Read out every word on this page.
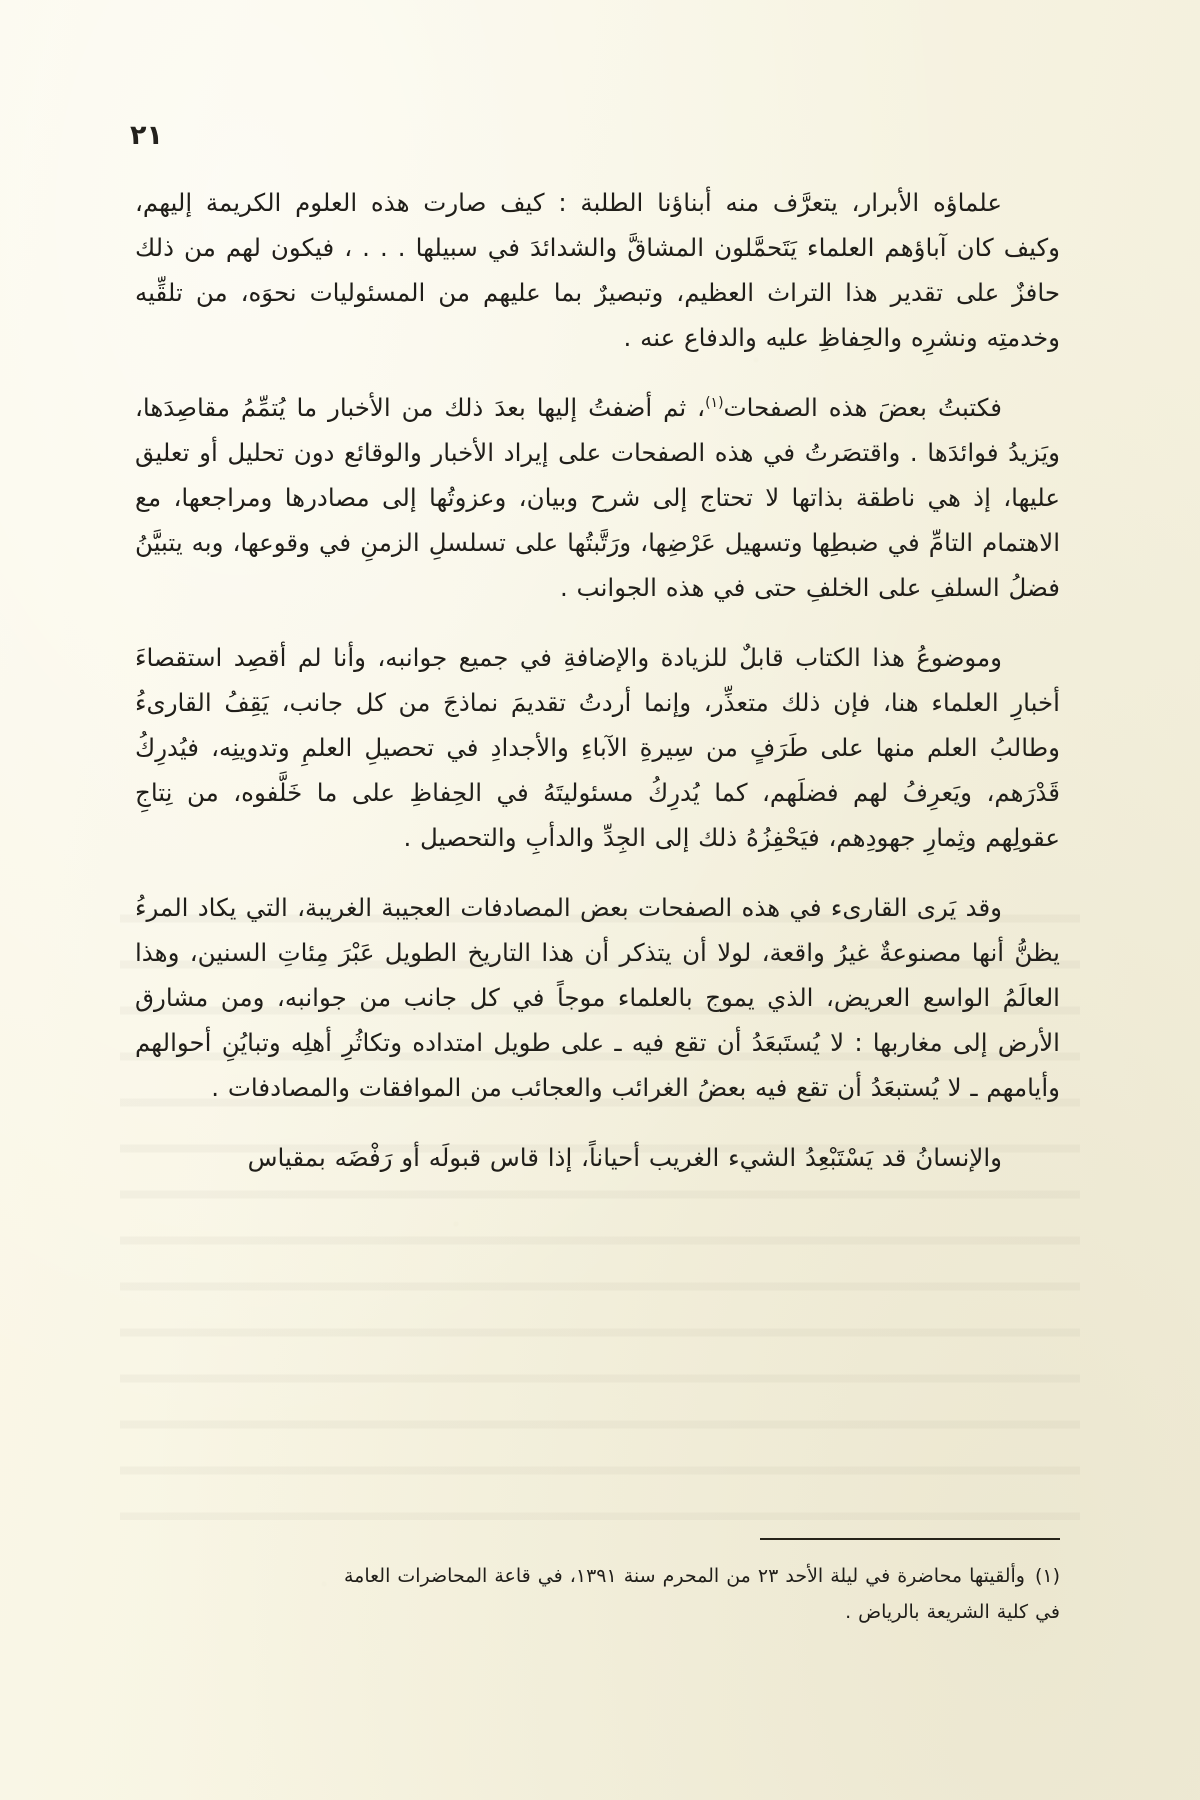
٢١

علماؤه الأبرار، يتعرَّف منه أبناؤنا الطلبة : كيف صارت هذه العلوم الكريمة إليهم، وكيف كان آباؤهم العلماء يَتَحمَّلون المشاقَّ والشدائدَ في سبيلها . . . ، فيكون لهم من ذلك حافزٌ على تقدير هذا التراث العظيم، وتبصيرٌ بما عليهم من المسئوليات نحوَه، من تلقِّيه وخدمتِه ونشرِه والحِفاظِ عليه والدفاع عنه .

فكتبتُ بعضَ هذه الصفحات$^{(١)}$، ثم أضفتُ إليها بعدَ ذلك من الأخبار ما يُتمِّمُ مقاصِدَها، ويَزيدُ فوائدَها . واقتصَرتُ في هذه الصفحات على إيراد الأخبار والوقائع دون تحليل أو تعليق عليها، إذ هي ناطقة بذاتها لا تحتاج إلى شرح وبيان، وعزوتُها إلى مصادرها ومراجعها، مع الاهتمام التامِّ في ضبطِها وتسهيل عَرْضِها، ورَتَّبتُها على تسلسلِ الزمنِ في وقوعها، وبه يتبيَّنُ فضلُ السلفِ على الخلفِ حتى في هذه الجوانب .

وموضوعُ هذا الكتاب قابلٌ للزيادة والإضافةِ في جميع جوانبه، وأنا لم أقصِد استقصاءَ أخبارِ العلماء هنا، فإن ذلك متعذِّر، وإنما أردتُ تقديمَ نماذجَ من كل جانب، يَقِفُ القارىءُ وطالبُ العلم منها على طَرَفٍ من سِيرةِ الآباءِ والأجدادِ في تحصيلِ العلمِ وتدوينِه، فيُدرِكُ قَدْرَهم، ويَعرِفُ لهم فضلَهم، كما يُدرِكُ مسئوليتَهُ في الحِفاظِ على ما خَلَّفوه، من نِتاجِ عقولِهم وثِمارِ جهودِهم، فيَحْفِزُهُ ذلك إلى الجِدِّ والدأبِ والتحصيل .

وقد يَرى القارىء في هذه الصفحات بعض المصادفات العجيبة الغريبة، التي يكاد المرءُ يظنُّ أنها مصنوعةٌ غيرُ واقعة، لولا أن يتذكر أن هذا التاريخ الطويل عَبْرَ مِئاتِ السنين، وهذا العالَمُ الواسع العريض، الذي يموج بالعلماء موجاً في كل جانب من جوانبه، ومن مشارق الأرض إلى مغاربها : لا يُستَبعَدُ أن تقع فيه ـ على طويل امتداده وتكاثُرِ أهلِه وتبايُنِ أحوالهم وأيامهم ـ لا يُستبعَدُ أن تقع فيه بعضُ الغرائب والعجائب من الموافقات والمصادفات .

والإنسانُ قد يَسْتَبْعِدُ الشيء الغريب أحياناً، إذا قاس قبولَه أو رَفْضَه بمقياس

(١)وألقيتها محاضرة في ليلة الأحد ٢٣ من المحرم سنة ١٣٩١، في قاعة المحاضرات العامة

في كلية الشريعة بالرياض .
